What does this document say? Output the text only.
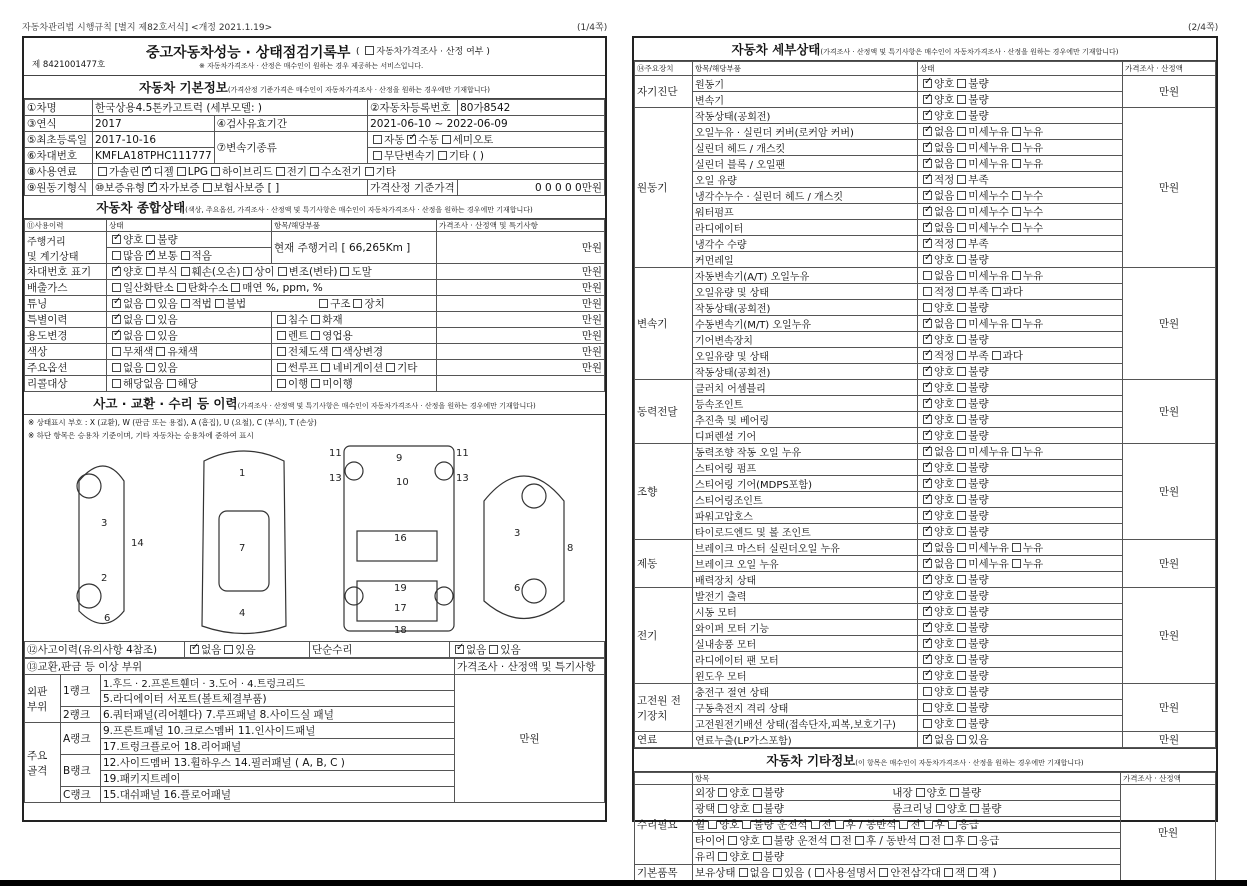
자동차관리법 시행규칙 [별지 제82호서식] <개정 2021.1.19>	(1/4쪽)	(2/4쪽)
중고자동차성능 · 상태점검기록부 ( 자동차가격조사 · 산정 여부 )
제 8421001477호	※ 자동차가격조사 · 산정은 매수인이 원하는 경우 제공하는 서비스입니다.
자동차 기본정보(가격산정 기준가격은 매수인이 자동차가격조사 · 산정을 원하는 경우에만 기재합니다)
①차명	한국상용4.5톤카고트럭 (세부모델: )		②자동차등록번호	80가8542
③연식	2017	④검사유효기간	2021-06-10 ~ 2022-06-09	
⑤최초등록일	2017-10-16	⑦변속기종류	자동 ✓ 수동 세미오토
⑥차대번호	KMFLA18TPHC111777		무단변속기 기타 ( )	
⑧사용연료	가솔린 ✓ 디젤 LPG 하이브리드 전기 수소전기 기타
⑨원동기형식	⑩보증유형 ✓ 자가보증 보험사보증 [ ]		가격산정 기준가격	0 0 0 0 0만원
자동차 종합상태(색상, 주요옵션, 가격조사 · 산정액 및 특기사항은 매수인이 자동차가격조사 · 산정을 원하는 경우에만 기재합니다)
⑪사용이력	상태	항목/해당부품	가격조사 · 산정액 및 특기사항
주행거리
및 계기상태	✓양호 불량	현재 주행거리 [ 66,265Km ]	만원
	많음 ✓ 보통 적음
차대번호 표기	✓양호 부식 훼손(오손) 상이 변조(변타) 도말		만원
배출가스	일산화탄소 탄화수소 매연 %, ppm, %		만원
튜닝	✓없음 있음 적법 불법 구조 장치		만원
특별이력	✓없음 있음	침수 화재	만원
용도변경	✓없음 있음	렌트 영업용	만원
색상	무채색 유채색	전체도색 색상변경	만원
주요옵션	없음 있음	썬루프 네비게이션 기타	만원
리콜대상	해당없음 해당	이행 미이행	
사고 · 교환 · 수리 등 이력(가격조사 · 산정액 및 특기사항은 매수인이 자동차가격조사 · 산정을 원하는 경우에만 기재합니다)
※ 상태표시 부호 : X (교환), W (판금 또는 용접), A (흠집), U (요철), C (부식), T (손상)
※ 하단 항목은 승용차 기준이며, 기타 자동차는 승용차에 준하여 표시
1
7
4
3
2
14
6
9
10
16
19
17
18
11	11
13	13
3
6
8
⑫사고이력(유의사항 4참조)	✓없음 있음	단순수리	✓없음 있음
⑬교환,판금 등 이상 부위			가격조사 · 산정액 및 특기사항
외판
부위	1랭크	1.후드 · 2.프론트휀더 · 3.도어 · 4.트렁크리드	만원
		5.라디에이터 서포트(볼트체결부품)	
	2랭크	6.쿼터패널(리어휀다) 7.루프패널 8.사이드실 패널	
주요
골격	A랭크	9.프론트패널 10.크로스멤버 11.인사이드패널	
		17.트렁크플로어 18.리어패널	
	B랭크	12.사이드멤버 13.휠하우스 14.필러패널 ( A, B, C )	
		19.패키지트레이	
	C랭크	15.대쉬패널 16.플로어패널	
자동차 세부상태(가격조사 · 산정액 및 특기사항은 매수인이 자동차가격조사 · 산정을 원하는 경우에만 기재합니다)
⑭주요장치	항목/해당부품	상태	가격조사 · 산정액
자기진단	원동기	✓양호 불량	만원
	변속기	✓양호 불량
원동기	작동상태(공회전)	✓양호 불량	만원
	오일누유 · 실린더 커버(로커암 커버)	✓없음 미세누유 누유
	실린더 헤드 / 개스킷	✓없음 미세누유 누유
	실린더 블록 / 오일팬	✓없음 미세누유 누유
	오일 유량	✓적정 부족
	냉각수누수 · 실린더 헤드 / 개스킷	✓없음 미세누수 누수
	워터펌프	✓없음 미세누수 누수
	라디에이터	✓없음 미세누수 누수
	냉각수 수량	✓적정 부족
	커먼레일	✓양호 불량
변속기	자동변속기(A/T) 오일누유	없음 미세누유 누유	만원
	오일유량 및 상태	적정 부족 과다	
	작동상태(공회전)	양호 불량	
	수동변속기(M/T) 오일누유	✓없음 미세누유 누유
	기어변속장치	✓양호 불량
	오일유량 및 상태	✓적정 부족 과다
	작동상태(공회전)	✓양호 불량
동력전달	클러치 어셈블리	✓양호 불량	만원
	등속조인트	✓양호 불량
	추진축 및 베어링	✓양호 불량
	디퍼렌셜 기어	✓양호 불량
조향	동력조향 작동 오일 누유	✓없음 미세누유 누유	만원
	스티어링 펌프	✓양호 불량
	스티어링 기어(MDPS포함)	✓양호 불량
	스티어링조인트	✓양호 불량
	파워고압호스	✓양호 불량
	타이로드엔드 및 볼 조인트	✓양호 불량
제동	브레이크 마스터 실린더오일 누유	✓없음 미세누유 누유	만원
	브레이크 오일 누유	✓없음 미세누유 누유
	배력장치 상태	✓양호 불량
전기	발전기 출력	✓양호 불량	만원
	시동 모터	✓양호 불량
	와이퍼 모터 기능	✓양호 불량
	실내송풍 모터	✓양호 불량
	라디에이터 팬 모터	✓양호 불량
	윈도우 모터	✓양호 불량
고전원 전기장치	충전구 절연 상태	양호 불량	만원
	구동축전지 격리 상태	양호 불량	
	고전원전기배선 상태(접속단자,피복,보호기구)	양호 불량	
연료	연료누출(LP가스포함)	✓없음 있음	만원
자동차 기타정보(이 항목은 매수인이 자동차가격조사 · 산정을 원하는 경우에만 기재합니다)
	항목	가격조사 · 산정액
수리필요	외장 양호 불량　　　　　　　　　　 내장 양호 불량	만원
	광택 양호 불량　　　　　　　　　　 룸크리닝 양호 불량	
	휠 양호 불량 운전석 전 후 / 동반석 전 후 응급	
	타이어 양호 불량 운전석 전 후 / 동반석 전 후 응급	
	유리 양호 불량	
기본품목	보유상태 없음 있음 ( 사용설명서 안전삼각대 잭 잭 )	
